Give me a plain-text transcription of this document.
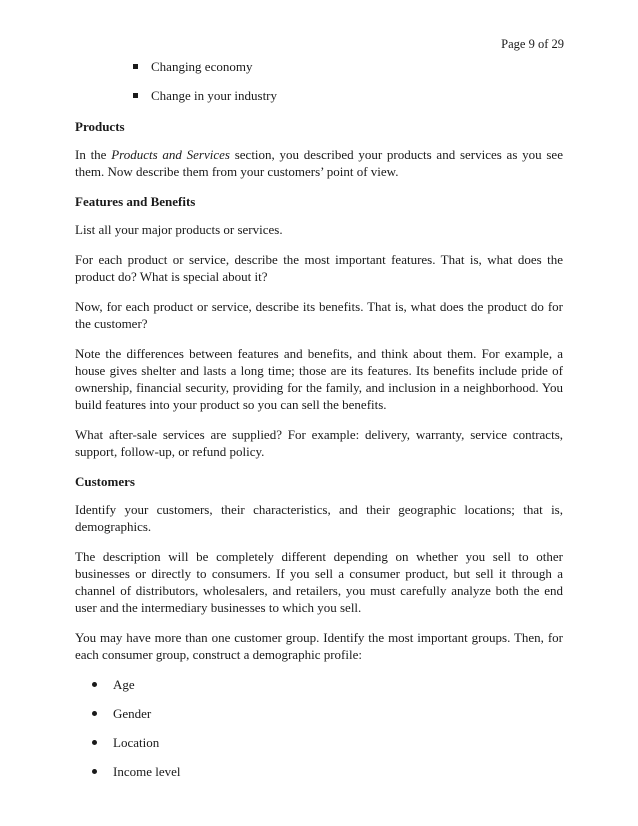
Page 9 of 29
Changing economy
Change in your industry

Products

In the Products and Services section, you described your products and services as you see them. Now describe them from your customers’ point of view.

Features and Benefits

List all your major products or services.

For each product or service, describe the most important features. That is, what does the product do? What is special about it?

Now, for each product or service, describe its benefits. That is, what does the product do for the customer?

Note the differences between features and benefits, and think about them. For example, a house gives shelter and lasts a long time; those are its features. Its benefits include pride of ownership, financial security, providing for the family, and inclusion in a neighborhood. You build features into your product so you can sell the benefits.

What after-sale services are supplied? For example: delivery, warranty, service contracts, support, follow-up, or refund policy.

Customers

Identify your customers, their characteristics, and their geographic locations; that is, demographics.

The description will be completely different depending on whether you sell to other businesses or directly to consumers. If you sell a consumer product, but sell it through a channel of distributors, wholesalers, and retailers, you must carefully analyze both the end user and the intermediary businesses to which you sell.

You may have more than one customer group. Identify the most important groups. Then, for each consumer group, construct a demographic profile:

Age
Gender
Location
Income level
